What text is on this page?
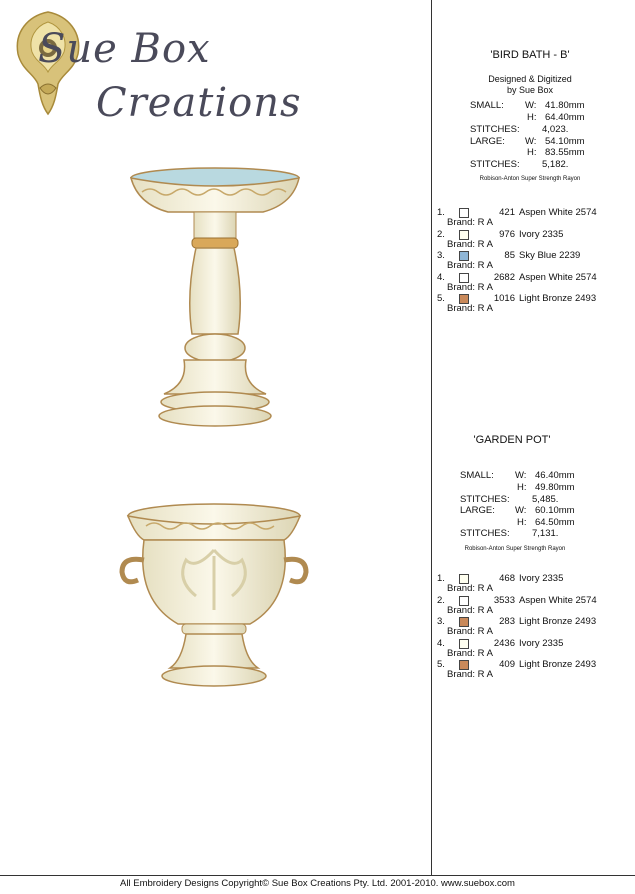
Sue Box
Creations
'BIRD BATH - B'
Designed & Digitized
by Sue Box
SMALL: W: 41.80mm
H: 64.40mm
STITCHES: 4,023.
LARGE: W: 54.10mm
H: 83.55mm
STITCHES: 5,182.
Robison-Anton Super Strength Rayon
1.	421 Aspen White 2574
Brand: R A
2.	976 Ivory 2335
Brand: R A
3.	85 Sky Blue 2239
Brand: R A
4.	2682 Aspen White 2574
Brand: R A
5.	1016 Light Bronze 2493
Brand: R A
'GARDEN POT'
SMALL: W: 46.40mm
H: 49.80mm
STITCHES: 5,485.
LARGE: W: 60.10mm
H: 64.50mm
STITCHES: 7,131.
Robison-Anton Super Strength Rayon
1.	468 Ivory 2335
Brand: R A
2.	3533 Aspen White 2574
Brand: R A
3.	283 Light Bronze 2493
Brand: R A
4.	2436 Ivory 2335
Brand: R A
5.	409 Light Bronze 2493
Brand: R A
All Embroidery Designs Copyright© Sue Box Creations Pty. Ltd. 2001-2010. www.suebox.com
